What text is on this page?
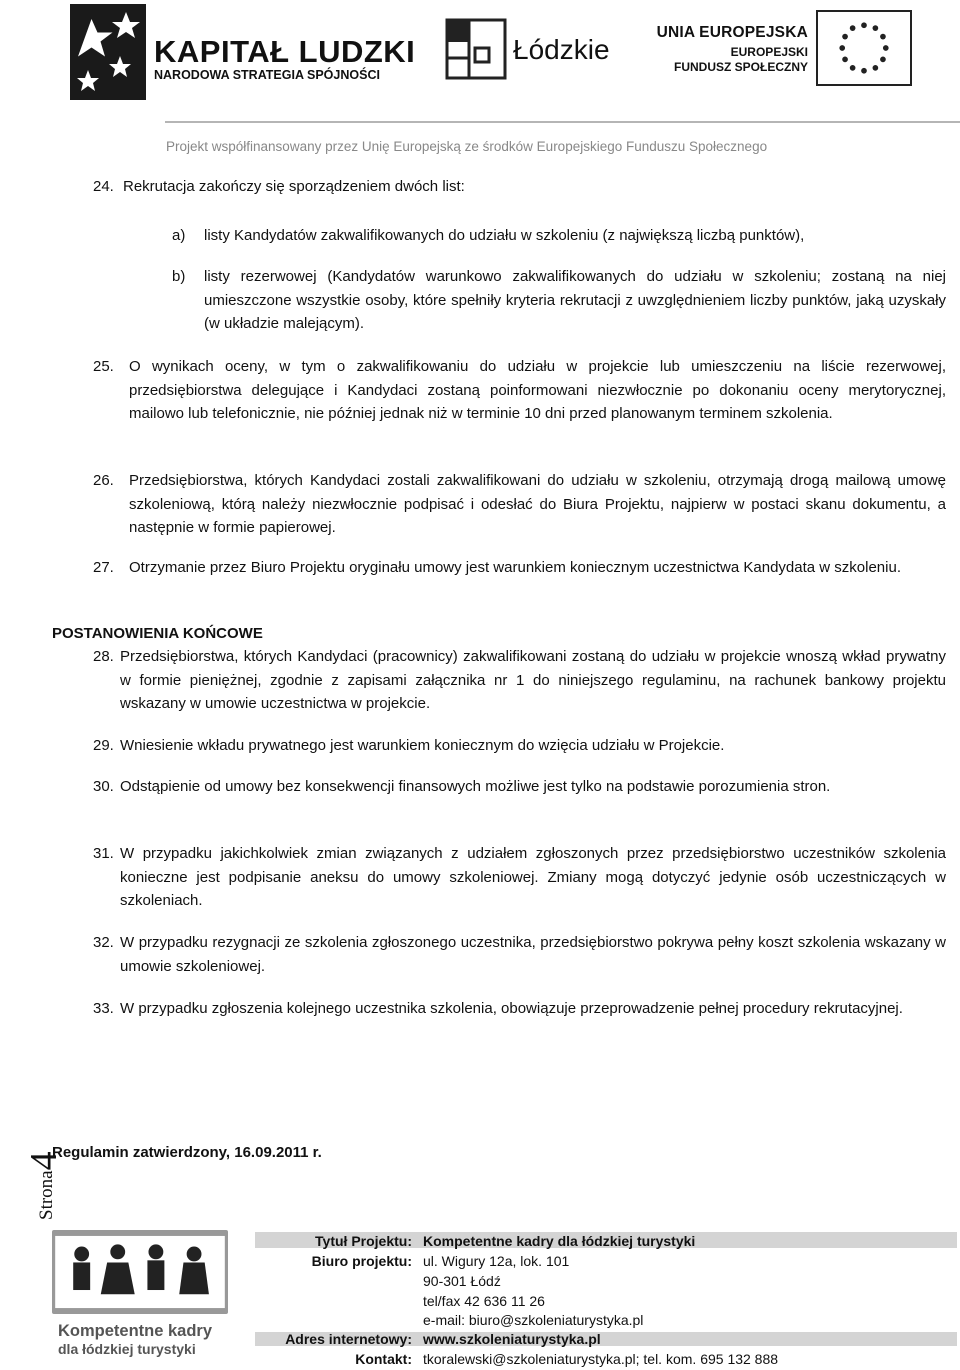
KAPITAŁ LUDZKI
NARODOWA STRATEGIA SPÓJNOŚCI
Łódzkie
UNIA EUROPEJSKA
EUROPEJSKI
FUNDUSZ SPOŁECZNY
Projekt współfinansowany przez Unię Europejską ze środków Europejskiego Funduszu Społecznego
24. Rekrutacja zakończy się sporządzeniem dwóch list:
a) listy Kandydatów zakwalifikowanych do udziału w szkoleniu (z największą liczbą punktów),
b) listy rezerwowej (Kandydatów warunkowo zakwalifikowanych do udziału w szkoleniu; zostaną na niej umieszczone wszystkie osoby, które spełniły kryteria rekrutacji z uwzględnieniem liczby punktów, jaką uzyskały (w układzie malejącym).
25. O wynikach oceny, w tym o zakwalifikowaniu do udziału w projekcie lub umieszczeniu na liście rezerwowej, przedsiębiorstwa delegujące i Kandydaci zostaną poinformowani niezwłocznie po dokonaniu oceny merytorycznej, mailowo lub telefonicznie, nie później jednak niż w terminie 10 dni przed planowanym terminem szkolenia.
26. Przedsiębiorstwa, których Kandydaci zostali zakwalifikowani do udziału w szkoleniu, otrzymają drogą mailową umowę szkoleniową, którą należy niezwłocznie podpisać i odesłać do Biura Projektu, najpierw w postaci skanu dokumentu, a następnie w formie papierowej.
27. Otrzymanie przez Biuro Projektu oryginału umowy jest warunkiem koniecznym uczestnictwa Kandydata w szkoleniu.
POSTANOWIENIA KOŃCOWE
28. Przedsiębiorstwa, których Kandydaci (pracownicy) zakwalifikowani zostaną do udziału w projekcie wnoszą wkład prywatny w formie pieniężnej, zgodnie z zapisami załącznika nr 1 do niniejszego regulaminu, na rachunek bankowy projektu wskazany w umowie uczestnictwa w projekcie.
29. Wniesienie wkładu prywatnego jest warunkiem koniecznym do wzięcia udziału w Projekcie.
30. Odstąpienie od umowy bez konsekwencji finansowych możliwe jest tylko na podstawie porozumienia stron.
31. W przypadku jakichkolwiek zmian związanych z udziałem zgłoszonych przez przedsiębiorstwo uczestników szkolenia konieczne jest podpisanie aneksu do umowy szkoleniowej. Zmiany mogą dotyczyć jedynie osób uczestniczących w szkoleniach.
32. W przypadku rezygnacji ze szkolenia zgłoszonego uczestnika, przedsiębiorstwo pokrywa pełny koszt szkolenia wskazany w umowie szkoleniowej.
33. W przypadku zgłoszenia kolejnego uczestnika szkolenia, obowiązuje przeprowadzenie pełnej procedury rekrutacyjnej.
Strona4
Regulamin zatwierdzony, 16.09.2011 r.
Kompetentne kadry
dla łódzkiej turystyki
Tytuł Projektu: Kompetentne kadry dla łódzkiej turystyki
Biuro projektu: ul. Wigury 12a, lok. 101
90-301 Łódź
tel/fax 42 636 11 26
e-mail: biuro@szkoleniaturystyka.pl
Adres internetowy: www.szkoleniaturystyka.pl
Kontakt: tkoralewski@szkoleniaturystyka.pl; tel. kom. 695 132 888
